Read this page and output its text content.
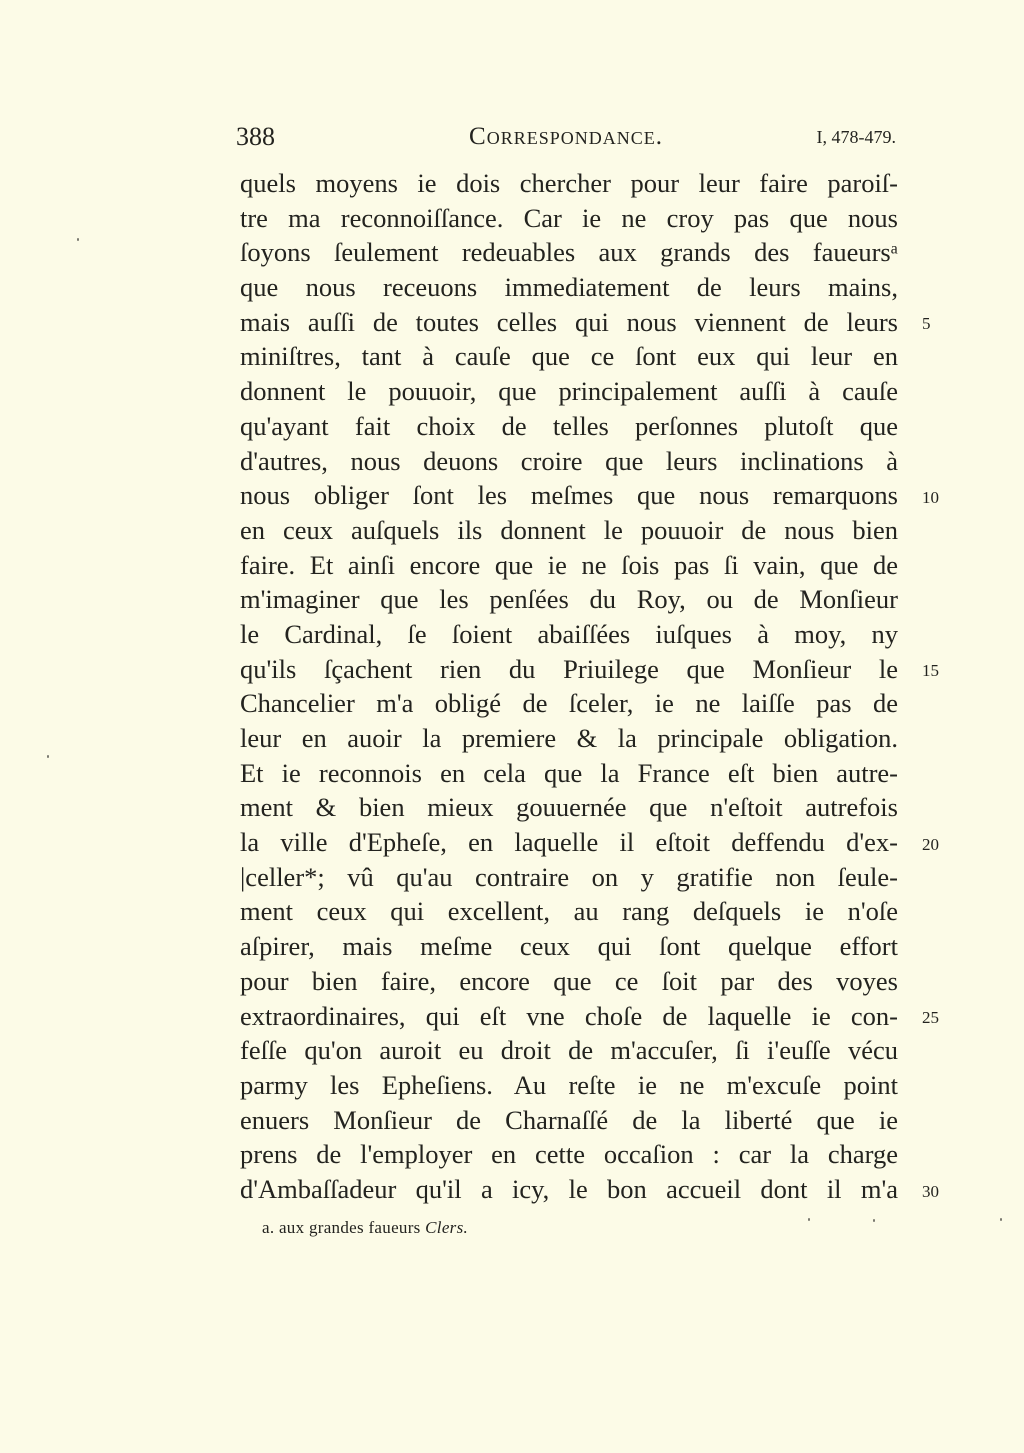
388	Correspondance.	I, 478-479.
quels moyens ie dois chercher pour leur faire paroiſ-
tre ma reconnoiſſance. Car ie ne croy pas que nous
ſoyons ſeulement redeuables aux grands des faueursᵃ
que nous receuons immediatement de leurs mains,
mais auſſi de toutes celles qui nous viennent de leurs
miniſtres, tant à cauſe que ce ſont eux qui leur en
donnent le pouuoir, que principalement auſſi à cauſe
qu'ayant fait choix de telles perſonnes plutoſt que
d'autres, nous deuons croire que leurs inclinations à
nous obliger ſont les meſmes que nous remarquons
en ceux auſquels ils donnent le pouuoir de nous bien
faire. Et ainſi encore que ie ne ſois pas ſi vain, que de
m'imaginer que les penſées du Roy, ou de Monſieur
le Cardinal, ſe ſoient abaiſſées iuſques à moy, ny
qu'ils ſçachent rien du Priuilege que Monſieur le
Chancelier m'a obligé de ſceler, ie ne laiſſe pas de
leur en auoir la premiere & la principale obligation.
Et ie reconnois en cela que la France eſt bien autre-
ment & bien mieux gouuernée que n'eſtoit autrefois
la ville d'Epheſe, en laquelle il eſtoit deffendu d'ex-
|celler*; vû qu'au contraire on y gratifie non ſeule-
ment ceux qui excellent, au rang deſquels ie n'oſe
aſpirer, mais meſme ceux qui ſont quelque effort
pour bien faire, encore que ce ſoit par des voyes
extraordinaires, qui eſt vne choſe de laquelle ie con-
feſſe qu'on auroit eu droit de m'accuſer, ſi i'euſſe vécu
parmy les Epheſiens. Au reſte ie ne m'excuſe point
enuers Monſieur de Charnaſſé de la liberté que ie
prens de l'employer en cette occaſion : car la charge
d'Ambaſſadeur qu'il a icy, le bon accueil dont il m'a
5
10
15
20
25
30
a. aux grandes faueurs Clers.
